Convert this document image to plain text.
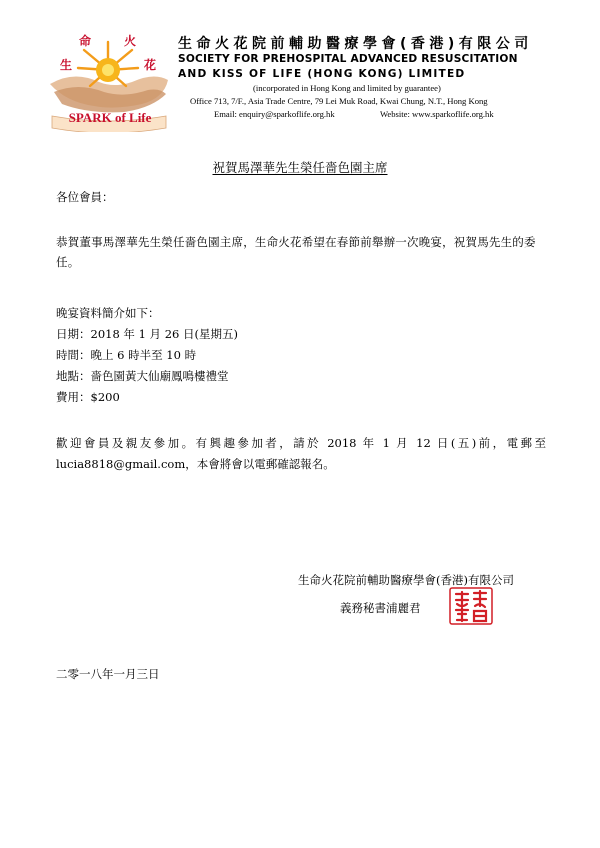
生
命	火
花
SPARK of Life
生命火花院前輔助醫療學會(香港)有限公司
SOCIETY FOR PREHOSPITAL ADVANCED RESUSCITATION
AND KISS OF LIFE (HONG KONG) LIMITED
(incorporated in Hong Kong and limited by guarantee)
Office 713, 7/F., Asia Trade Centre, 79 Lei Muk Road, Kwai Chung, N.T., Hong Kong
Email: enquiry@sparkoflife.org.hk	Website: www.sparkoflife.org.hk
祝賀馬澤華先生榮任嗇色園主席
各位會員：
恭賀董事馬澤華先生榮任嗇色園主席，生命火花希望在春節前舉辦一次晚宴，祝賀馬先生的委任。
晚宴資料簡介如下：
日期：2018 年 1 月 26 日(星期五)
時間：晚上 6 時半至 10 時
地點：嗇色園黃大仙廟鳳鳴樓禮堂
費用：$200
歡迎會員及親友參加。有興趣參加者，請於 2018 年 1 月 12 日(五)前，電郵至
lucia8818@gmail.com，本會將會以電郵確認報名。
生命火花院前輔助醫療學會(香港)有限公司
義務秘書浦麗君
二零一八年一月三日
